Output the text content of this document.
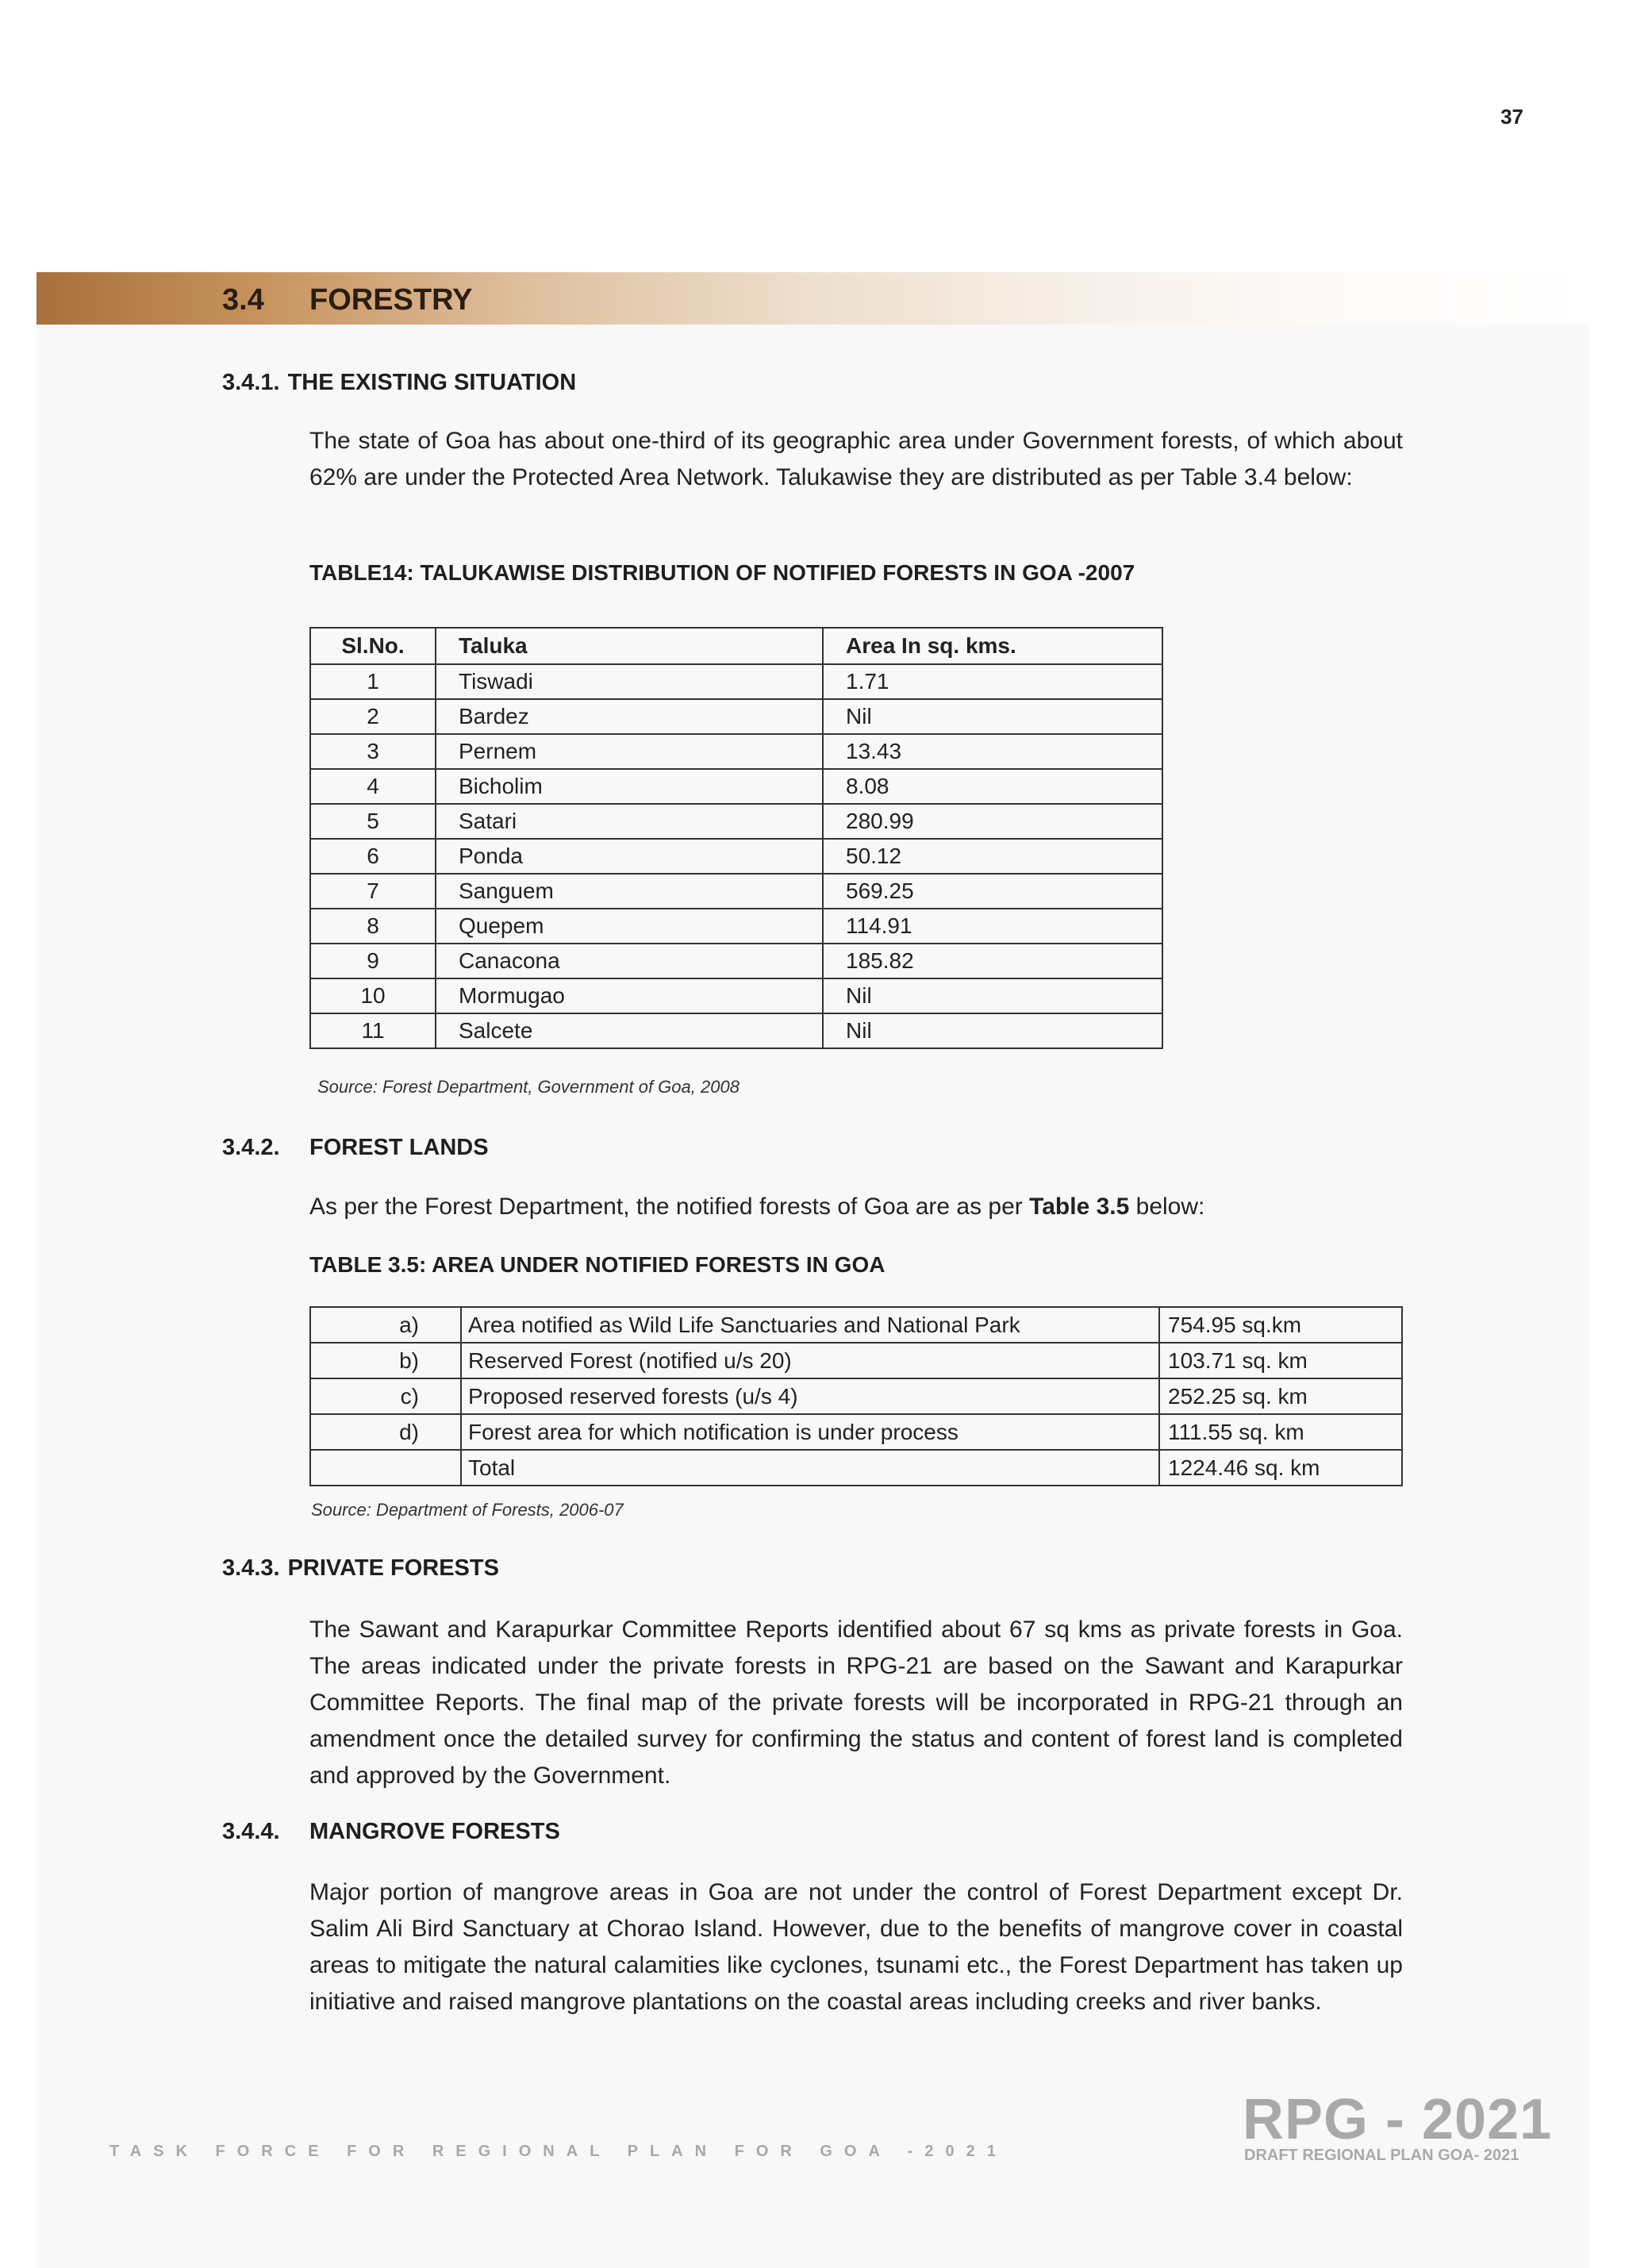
37
3.4 FORESTRY
3.4.1. THE EXISTING SITUATION
The state of Goa has about one-third of its geographic area under Government forests, of which about 62% are under the Protected Area Network. Talukawise they are distributed as per Table 3.4 below:
TABLE14: TALUKAWISE DISTRIBUTION OF NOTIFIED FORESTS IN GOA -2007
Sl.No.	Taluka	Area In sq. kms.
1	Tiswadi	1.71
2	Bardez	Nil
3	Pernem	13.43
4	Bicholim	8.08
5	Satari	280.99
6	Ponda	50.12
7	Sanguem	569.25
8	Quepem	114.91
9	Canacona	185.82
10	Mormugao	Nil
11	Salcete	Nil
Source: Forest Department, Government of Goa, 2008
3.4.2. FOREST LANDS
As per the Forest Department, the notified forests of Goa are as per Table 3.5 below:
TABLE 3.5: AREA UNDER NOTIFIED FORESTS IN GOA
a)	Area notified as Wild Life Sanctuaries and National Park	754.95 sq.km
b)	Reserved Forest (notified u/s 20)	103.71 sq. km
c)	Proposed reserved forests (u/s 4)	252.25 sq. km
d)	Forest area for which notification is under process	111.55 sq. km
	Total	1224.46 sq. km
Source: Department of Forests, 2006-07
3.4.3. PRIVATE FORESTS
The Sawant and Karapurkar Committee Reports identified about 67 sq kms as private forests in Goa. The areas indicated under the private forests in RPG-21 are based on the Sawant and Karapurkar Committee Reports. The final map of the private forests will be incorporated in RPG-21 through an amendment once the detailed survey for confirming the status and content of forest land is completed and approved by the Government.
3.4.4. MANGROVE FORESTS
Major portion of mangrove areas in Goa are not under the control of Forest Department except Dr. Salim Ali Bird Sanctuary at Chorao Island. However, due to the benefits of mangrove cover in coastal areas to mitigate the natural calamities like cyclones, tsunami etc., the Forest Department has taken up initiative and raised mangrove plantations on the coastal areas including creeks and river banks.
TASK FORCE FOR REGIONAL PLAN FOR GOA -2021	RPG - 2021
DRAFT REGIONAL PLAN GOA- 2021
